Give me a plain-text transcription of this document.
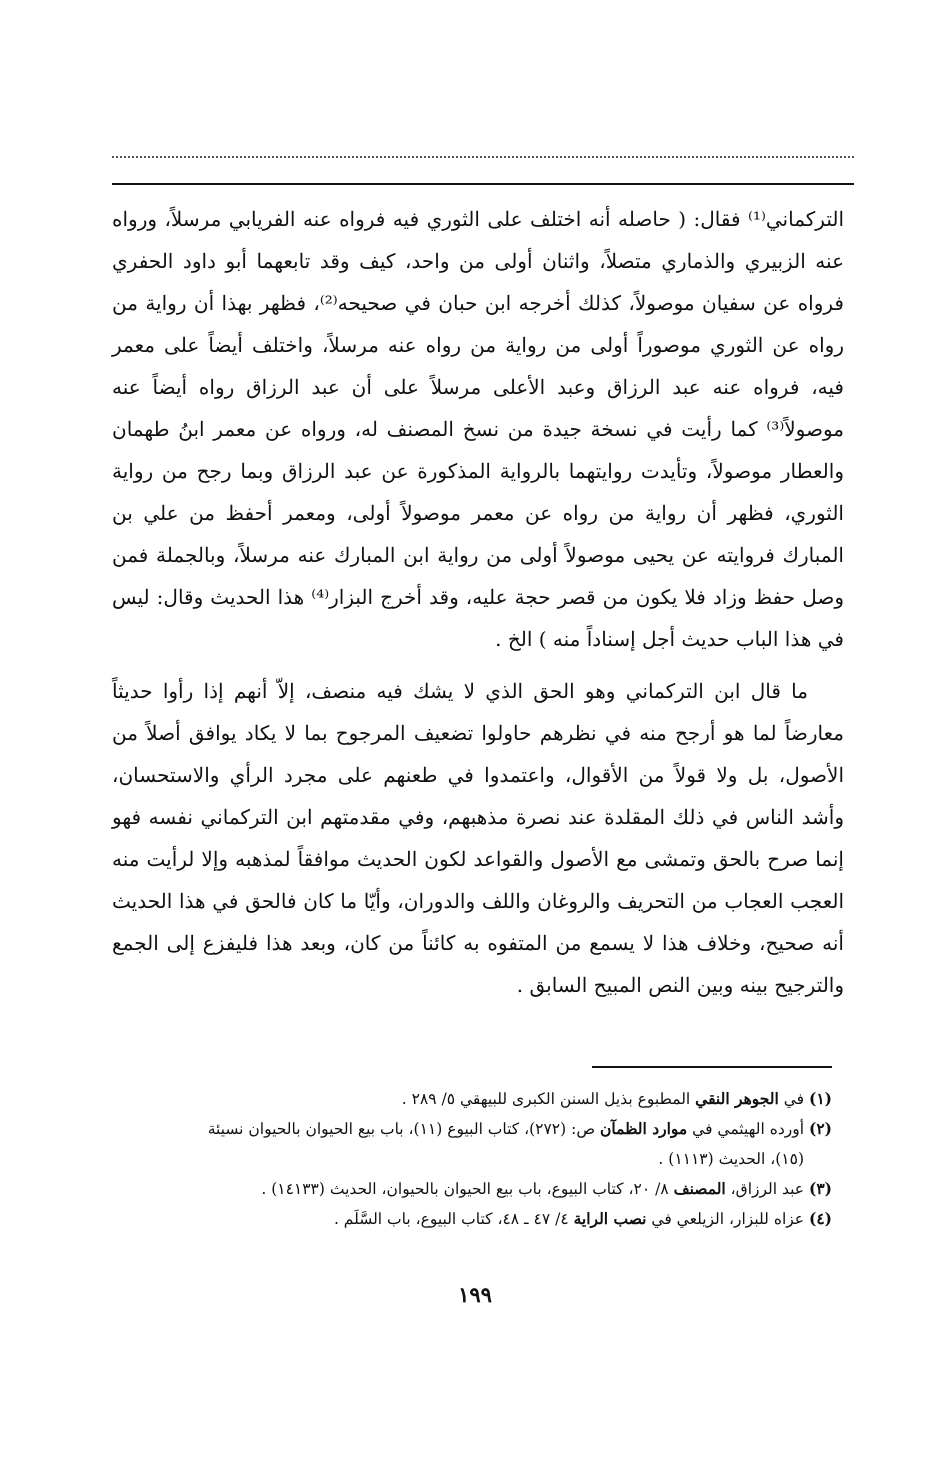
التركماني⁽¹⁾ فقال: ( حاصله أنه اختلف على الثوري فيه فرواه عنه الفريابي مرسلاً، ورواه عنه الزبيري والذماري متصلاً، واثنان أولى من واحد، كيف وقد تابعهما أبو داود الحفري فرواه عن سفيان موصولاً، كذلك أخرجه ابن حبان في صحيحه⁽²⁾، فظهر بهذا أن رواية من رواه عن الثوري موصوراً أولى من رواية من رواه عنه مرسلاً، واختلف أيضاً على معمر فيه، فرواه عنه عبد الرزاق وعبد الأعلى مرسلاً على أن عبد الرزاق رواه أيضاً عنه موصولاً⁽³⁾ كما رأيت في نسخة جيدة من نسخ المصنف له، ورواه عن معمر ابنُ طهمان والعطار موصولاً، وتأيدت روايتهما بالرواية المذكورة عن عبد الرزاق وبما رجح من رواية الثوري، فظهر أن رواية من رواه عن معمر موصولاً أولى، ومعمر أحفظ من علي بن المبارك فروايته عن يحيى موصولاً أولى من رواية ابن المبارك عنه مرسلاً، وبالجملة فمن وصل حفظ وزاد فلا يكون من قصر حجة عليه، وقد أخرج البزار⁽⁴⁾ هذا الحديث وقال: ليس في هذا الباب حديث أجل إسناداً منه ) الخ .

ما قال ابن التركماني وهو الحق الذي لا يشك فيه منصف، إلاّ أنهم إذا رأوا حديثاً معارضاً لما هو أرجح منه في نظرهم حاولوا تضعيف المرجوح بما لا يكاد يوافق أصلاً من الأصول، بل ولا قولاً من الأقوال، واعتمدوا في طعنهم على مجرد الرأي والاستحسان، وأشد الناس في ذلك المقلدة عند نصرة مذهبهم، وفي مقدمتهم ابن التركماني نفسه فهو إنما صرح بالحق وتمشى مع الأصول والقواعد لكون الحديث موافقاً لمذهبه وإلا لرأيت منه العجب العجاب من التحريف والروغان واللف والدوران، وأيّا ما كان فالحق في هذا الحديث أنه صحيح، وخلاف هذا لا يسمع من المتفوه به كائناً من كان، وبعد هذا فليفزع إلى الجمع والترجيح بينه وبين النص المبيح السابق .

(١) في الجوهر النقي المطبوع بذيل السنن الكبرى للبيهقي ٥/ ٢٨٩ .

(٢) أورده الهيثمي في موارد الظمآن ص: (٢٧٢)، كتاب البيوع (١١)، باب بيع الحيوان بالحيوان نسيئة

(١٥)، الحديث (١١١٣) .

(٣) عبد الرزاق، المصنف ٨/ ٢٠، كتاب البيوع، باب بيع الحيوان بالحيوان، الحديث (١٤١٣٣) .

(٤) عزاه للبزار، الزيلعي في نصب الراية ٤/ ٤٧ ـ ٤٨، كتاب البيوع، باب السَّلَم .

١٩٩
